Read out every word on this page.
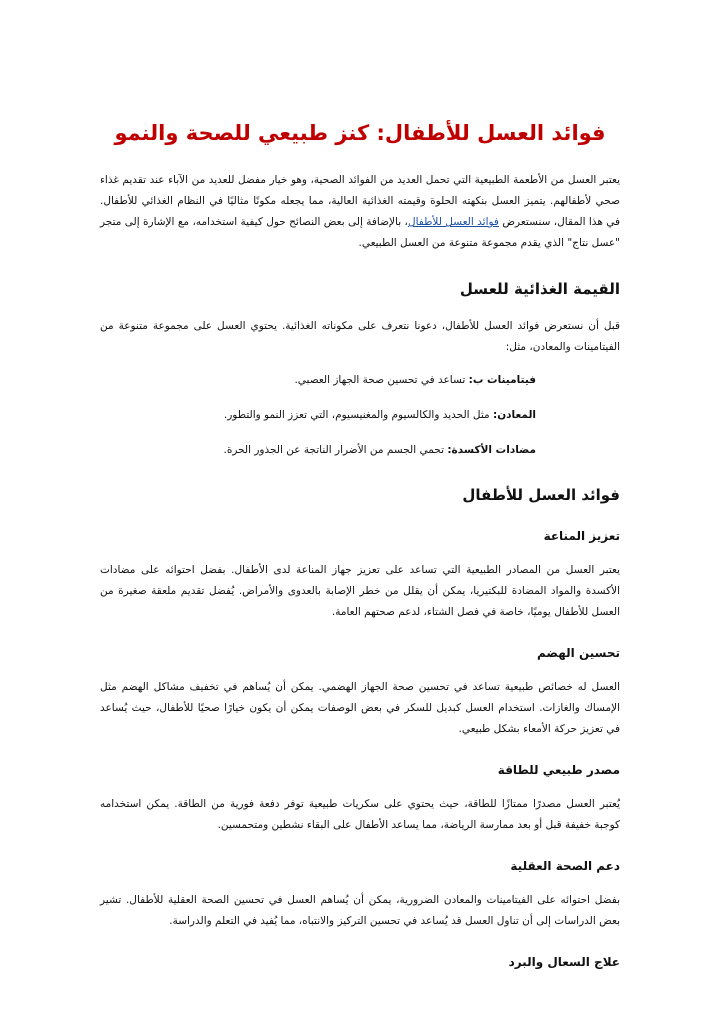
فوائد العسل للأطفال: كنز طبيعي للصحة والنمو

يعتبر العسل من الأطعمة الطبيعية التي تحمل العديد من الفوائد الصحية، وهو خيار مفضل للعديد من الآباء عند تقديم غذاء صحي لأطفالهم. يتميز العسل بنكهته الحلوة وقيمته الغذائية العالية، مما يجعله مكونًا مثاليًا في النظام الغذائي للأطفال. في هذا المقال، سنستعرض فوائد العسل للأطفال، بالإضافة إلى بعض النصائح حول كيفية استخدامه، مع الإشارة إلى متجر "عسل نتاج" الذي يقدم مجموعة متنوعة من العسل الطبيعي.

القيمة الغذائية للعسل

قبل أن نستعرض فوائد العسل للأطفال، دعونا نتعرف على مكوناته الغذائية. يحتوي العسل على مجموعة متنوعة من الفيتامينات والمعادن، مثل:

فيتامينات ب: تساعد في تحسين صحة الجهاز العصبي.
المعادن: مثل الحديد والكالسيوم والمغنيسيوم، التي تعزز النمو والتطور.
مضادات الأكسدة: تحمي الجسم من الأضرار الناتجة عن الجذور الحرة.
فوائد العسل للأطفال
تعزيز المناعة

يعتبر العسل من المصادر الطبيعية التي تساعد على تعزيز جهاز المناعة لدى الأطفال. بفضل احتوائه على مضادات الأكسدة والمواد المضادة للبكتيريا، يمكن أن يقلل من خطر الإصابة بالعدوى والأمراض. يُفضل تقديم ملعقة صغيرة من العسل للأطفال يوميًا، خاصة في فصل الشتاء، لدعم صحتهم العامة.

تحسين الهضم

العسل له خصائص طبيعية تساعد في تحسين صحة الجهاز الهضمي. يمكن أن يُساهم في تخفيف مشاكل الهضم مثل الإمساك والغازات. استخدام العسل كبديل للسكر في بعض الوصفات يمكن أن يكون خيارًا صحيًا للأطفال، حيث يُساعد في تعزيز حركة الأمعاء بشكل طبيعي.

مصدر طبيعي للطاقة

يُعتبر العسل مصدرًا ممتازًا للطاقة، حيث يحتوي على سكريات طبيعية توفر دفعة فورية من الطاقة. يمكن استخدامه كوجبة خفيفة قبل أو بعد ممارسة الرياضة، مما يساعد الأطفال على البقاء نشطين ومتحمسين.

دعم الصحة العقلية

بفضل احتوائه على الفيتامينات والمعادن الضرورية، يمكن أن يُساهم العسل في تحسين الصحة العقلية للأطفال. تشير بعض الدراسات إلى أن تناول العسل قد يُساعد في تحسين التركيز والانتباه، مما يُفيد في التعلم والدراسة.

علاج السعال والبرد
